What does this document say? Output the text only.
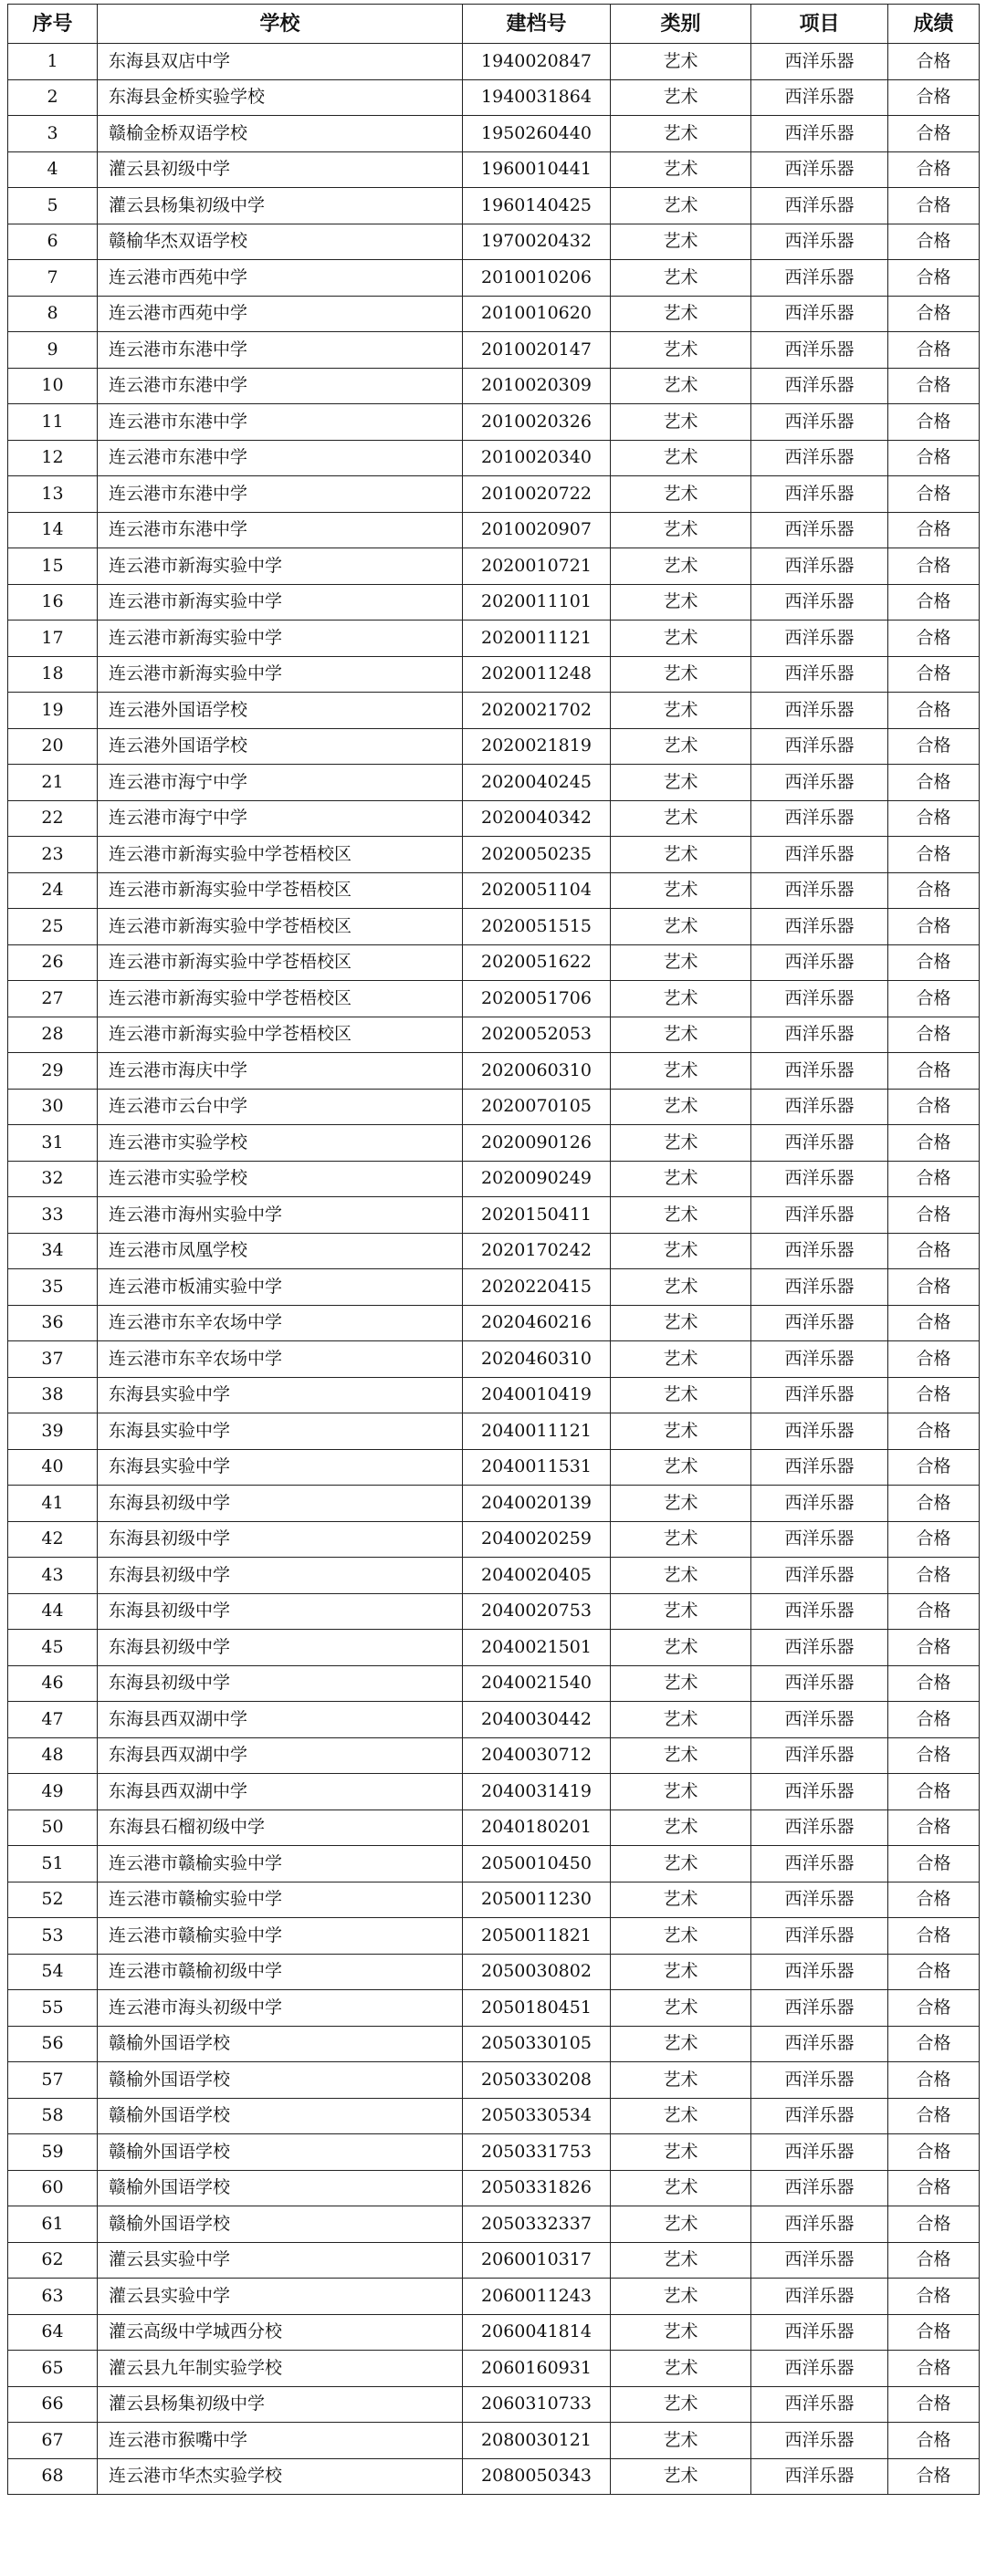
序号	学校	建档号	类别	项目	成绩
1	东海县双店中学	1940020847	艺术	西洋乐器	合格
2	东海县金桥实验学校	1940031864	艺术	西洋乐器	合格
3	赣榆金桥双语学校	1950260440	艺术	西洋乐器	合格
4	灌云县初级中学	1960010441	艺术	西洋乐器	合格
5	灌云县杨集初级中学	1960140425	艺术	西洋乐器	合格
6	赣榆华杰双语学校	1970020432	艺术	西洋乐器	合格
7	连云港市西苑中学	2010010206	艺术	西洋乐器	合格
8	连云港市西苑中学	2010010620	艺术	西洋乐器	合格
9	连云港市东港中学	2010020147	艺术	西洋乐器	合格
10	连云港市东港中学	2010020309	艺术	西洋乐器	合格
11	连云港市东港中学	2010020326	艺术	西洋乐器	合格
12	连云港市东港中学	2010020340	艺术	西洋乐器	合格
13	连云港市东港中学	2010020722	艺术	西洋乐器	合格
14	连云港市东港中学	2010020907	艺术	西洋乐器	合格
15	连云港市新海实验中学	2020010721	艺术	西洋乐器	合格
16	连云港市新海实验中学	2020011101	艺术	西洋乐器	合格
17	连云港市新海实验中学	2020011121	艺术	西洋乐器	合格
18	连云港市新海实验中学	2020011248	艺术	西洋乐器	合格
19	连云港外国语学校	2020021702	艺术	西洋乐器	合格
20	连云港外国语学校	2020021819	艺术	西洋乐器	合格
21	连云港市海宁中学	2020040245	艺术	西洋乐器	合格
22	连云港市海宁中学	2020040342	艺术	西洋乐器	合格
23	连云港市新海实验中学苍梧校区	2020050235	艺术	西洋乐器	合格
24	连云港市新海实验中学苍梧校区	2020051104	艺术	西洋乐器	合格
25	连云港市新海实验中学苍梧校区	2020051515	艺术	西洋乐器	合格
26	连云港市新海实验中学苍梧校区	2020051622	艺术	西洋乐器	合格
27	连云港市新海实验中学苍梧校区	2020051706	艺术	西洋乐器	合格
28	连云港市新海实验中学苍梧校区	2020052053	艺术	西洋乐器	合格
29	连云港市海庆中学	2020060310	艺术	西洋乐器	合格
30	连云港市云台中学	2020070105	艺术	西洋乐器	合格
31	连云港市实验学校	2020090126	艺术	西洋乐器	合格
32	连云港市实验学校	2020090249	艺术	西洋乐器	合格
33	连云港市海州实验中学	2020150411	艺术	西洋乐器	合格
34	连云港市凤凰学校	2020170242	艺术	西洋乐器	合格
35	连云港市板浦实验中学	2020220415	艺术	西洋乐器	合格
36	连云港市东辛农场中学	2020460216	艺术	西洋乐器	合格
37	连云港市东辛农场中学	2020460310	艺术	西洋乐器	合格
38	东海县实验中学	2040010419	艺术	西洋乐器	合格
39	东海县实验中学	2040011121	艺术	西洋乐器	合格
40	东海县实验中学	2040011531	艺术	西洋乐器	合格
41	东海县初级中学	2040020139	艺术	西洋乐器	合格
42	东海县初级中学	2040020259	艺术	西洋乐器	合格
43	东海县初级中学	2040020405	艺术	西洋乐器	合格
44	东海县初级中学	2040020753	艺术	西洋乐器	合格
45	东海县初级中学	2040021501	艺术	西洋乐器	合格
46	东海县初级中学	2040021540	艺术	西洋乐器	合格
47	东海县西双湖中学	2040030442	艺术	西洋乐器	合格
48	东海县西双湖中学	2040030712	艺术	西洋乐器	合格
49	东海县西双湖中学	2040031419	艺术	西洋乐器	合格
50	东海县石榴初级中学	2040180201	艺术	西洋乐器	合格
51	连云港市赣榆实验中学	2050010450	艺术	西洋乐器	合格
52	连云港市赣榆实验中学	2050011230	艺术	西洋乐器	合格
53	连云港市赣榆实验中学	2050011821	艺术	西洋乐器	合格
54	连云港市赣榆初级中学	2050030802	艺术	西洋乐器	合格
55	连云港市海头初级中学	2050180451	艺术	西洋乐器	合格
56	赣榆外国语学校	2050330105	艺术	西洋乐器	合格
57	赣榆外国语学校	2050330208	艺术	西洋乐器	合格
58	赣榆外国语学校	2050330534	艺术	西洋乐器	合格
59	赣榆外国语学校	2050331753	艺术	西洋乐器	合格
60	赣榆外国语学校	2050331826	艺术	西洋乐器	合格
61	赣榆外国语学校	2050332337	艺术	西洋乐器	合格
62	灌云县实验中学	2060010317	艺术	西洋乐器	合格
63	灌云县实验中学	2060011243	艺术	西洋乐器	合格
64	灌云高级中学城西分校	2060041814	艺术	西洋乐器	合格
65	灌云县九年制实验学校	2060160931	艺术	西洋乐器	合格
66	灌云县杨集初级中学	2060310733	艺术	西洋乐器	合格
67	连云港市猴嘴中学	2080030121	艺术	西洋乐器	合格
68	连云港市华杰实验学校	2080050343	艺术	西洋乐器	合格
